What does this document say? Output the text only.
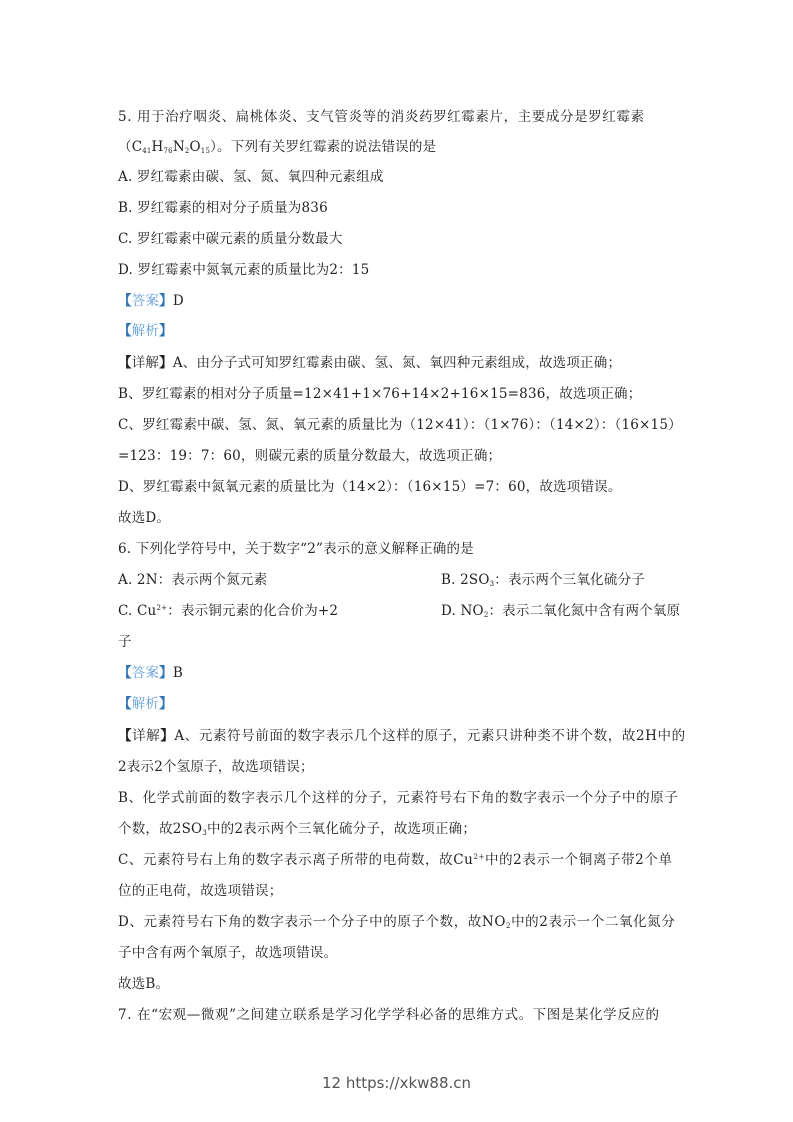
5. 用于治疗咽炎、扁桃体炎、支气管炎等的消炎药罗红霉素片，主要成分是罗红霉素
$(C_{41}H_{76}N_2O_{15})$。下列有关罗红霉素的说法错误的是
A. 罗红霉素由碳、氢、氮、氧四种元素组成
B. 罗红霉素的相对分子质量为836
C. 罗红霉素中碳元素的质量分数最大
D. 罗红霉素中氮氧元素的质量比为2：15
【答案】D
【解析】
【详解】A、由分子式可知罗红霉素由碳、氢、氮、氧四种元素组成，故选项正确；
B、罗红霉素的相对分子质量=12×41+1×76+14×2+16×15=836，故选项正确；
C、罗红霉素中碳、氢、氮、氧元素的质量比为（12×41）：（1×76）：（14×2）：（16×15）
=123：19：7：60，则碳元素的质量分数最大，故选项正确；
D、罗红霉素中氮氧元素的质量比为（14×2）：（16×15）=7：60，故选项错误。
故选D。
6. 下列化学符号中，关于数字“2”表示的意义解释正确的是
A. 2N：表示两个氮元素	B. $2SO_3$：表示两个三氧化硫分子
C. $Cu^{2+}$：表示铜元素的化合价为+2	D. $NO_2$：表示二氧化氮中含有两个氧原
子
【答案】B
【解析】
【详解】A、元素符号前面的数字表示几个这样的原子，元素只讲种类不讲个数，故2H中的
2表示2个氢原子，故选项错误；
B、化学式前面的数字表示几个这样的分子，元素符号右下角的数字表示一个分子中的原子
个数，故$2SO_3$中的2表示两个三氧化硫分子，故选项正确；
C、元素符号右上角的数字表示离子所带的电荷数，故$Cu^{2+}$中的2表示一个铜离子带2个单
位的正电荷，故选项错误；
D、元素符号右下角的数字表示一个分子中的原子个数，故$NO_2$中的2表示一个二氧化氮分
子中含有两个氧原子，故选项错误。
故选B。
7. 在“宏观—微观”之间建立联系是学习化学学科必备的思维方式。下图是某化学反应的
12 https://xkw88.cn
